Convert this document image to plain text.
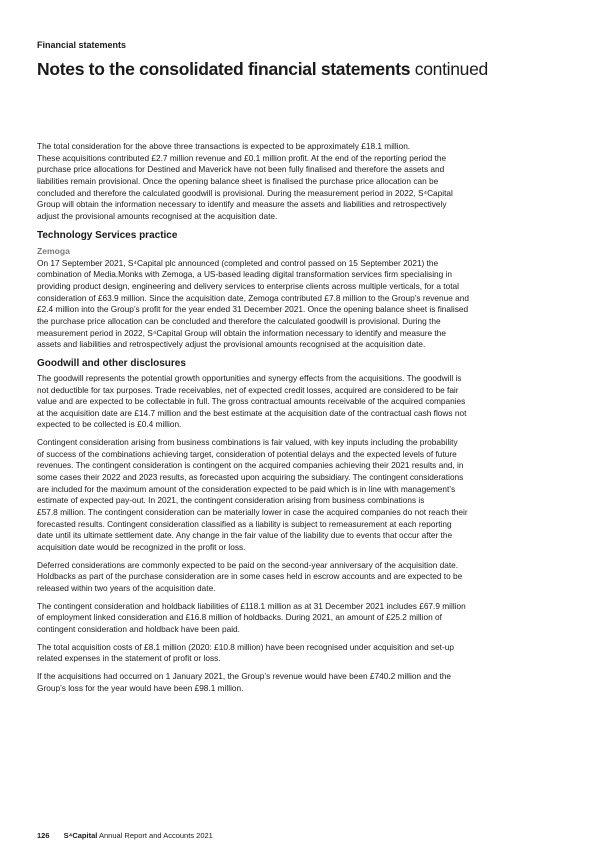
Financial statements
Notes to the consolidated financial statements continued
The total consideration for the above three transactions is expected to be approximately £18.1 million.
These acquisitions contributed £2.7 million revenue and £0.1 million profit. At the end of the reporting period the
purchase price allocations for Destined and Maverick have not been fully finalised and therefore the assets and
liabilities remain provisional. Once the opening balance sheet is finalised the purchase price allocation can be
concluded and therefore the calculated goodwill is provisional. During the measurement period in 2022, S⁴Capital
Group will obtain the information necessary to identify and measure the assets and liabilities and retrospectively
adjust the provisional amounts recognised at the acquisition date.
Technology Services practice
Zemoga
On 17 September 2021, S⁴Capital plc announced (completed and control passed on 15 September 2021) the
combination of Media.Monks with Zemoga, a US-based leading digital transformation services firm specialising in
providing product design, engineering and delivery services to enterprise clients across multiple verticals, for a total
consideration of £63.9 million. Since the acquisition date, Zemoga contributed £7.8 million to the Group’s revenue and
£2.4 million into the Group’s profit for the year ended 31 December 2021. Once the opening balance sheet is finalised
the purchase price allocation can be concluded and therefore the calculated goodwill is provisional. During the
measurement period in 2022, S⁴Capital Group will obtain the information necessary to identify and measure the
assets and liabilities and retrospectively adjust the provisional amounts recognised at the acquisition date.
Goodwill and other disclosures
The goodwill represents the potential growth opportunities and synergy effects from the acquisitions. The goodwill is
not deductible for tax purposes. Trade receivables, net of expected credit losses, acquired are considered to be fair
value and are expected to be collectable in full. The gross contractual amounts receivable of the acquired companies
at the acquisition date are £14.7 million and the best estimate at the acquisition date of the contractual cash flows not
expected to be collected is £0.4 million.
Contingent consideration arising from business combinations is fair valued, with key inputs including the probability
of success of the combinations achieving target, consideration of potential delays and the expected levels of future
revenues. The contingent consideration is contingent on the acquired companies achieving their 2021 results and, in
some cases their 2022 and 2023 results, as forecasted upon acquiring the subsidiary. The contingent considerations
are included for the maximum amount of the consideration expected to be paid which is in line with management’s
estimate of expected pay-out. In 2021, the contingent consideration arising from business combinations is
£57.8 million. The contingent consideration can be materially lower in case the acquired companies do not reach their
forecasted results. Contingent consideration classified as a liability is subject to remeasurement at each reporting
date until its ultimate settlement date. Any change in the fair value of the liability due to events that occur after the
acquisition date would be recognized in the profit or loss.
Deferred considerations are commonly expected to be paid on the second-year anniversary of the acquisition date.
Holdbacks as part of the purchase consideration are in some cases held in escrow accounts and are expected to be
released within two years of the acquisition date.
The contingent consideration and holdback liabilities of £118.1 million as at 31 December 2021 includes £67.9 million
of employment linked consideration and £16.8 million of holdbacks. During 2021, an amount of £25.2 million of
contingent consideration and holdback have been paid.
The total acquisition costs of £8.1 million (2020: £10.8 million) have been recognised under acquisition and set-up
related expenses in the statement of profit or loss.
If the acquisitions had occurred on 1 January 2021, the Group’s revenue would have been £740.2 million and the
Group’s loss for the year would have been £98.1 million.
126 S⁴Capital Annual Report and Accounts 2021
